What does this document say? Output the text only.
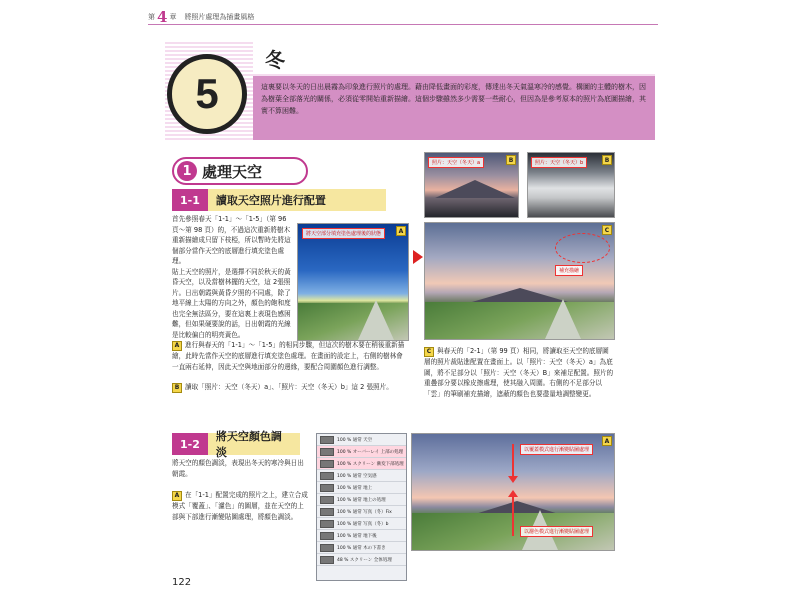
第 4 章 將照片處理為插畫風格
冬
這裏要以冬天的日出晨霧為印象進行照片的處理。藉由降低畫面的彩度，傳達出冬天氣溫寒冷的感覺。構圖的主體的樹木，因為樹葉全部落光的關係，必須從零開始重新描繪。這個步驟雖然多少需要一些耐心，但因為是參考原本的照片為底圖描繪，其實不算困難。
5
1 處理天空
1-1	讀取天空照片進行配置
首先參照春天「1-1」～「1-5」（第 96 頁～第 98 頁）的，不過這次重新將樹木重新描繪成只留下枝椏，所以暫時先將這個部分當作天空的底層進行填充塗色處理。
貼上天空的照片，是選擇不同於秋天的黃昏天空，以及當樹林擺的天空，這 2張照片。日出朝霞與黃昏夕照的不同處，除了地平線上太陽的方向之外，顏色的飽和度也完全無法區分，要在這裏上表現色感困難，但如果硬要說的話，日出朝霞的光線是比較偏白的明亮黃色。
將天空部分填充塗色處理後的狀態	A
照片：天空（冬天）a	B	照片：天空（冬天）b	B
補充描繪
C
A 進行與春天的「1-1」～「1-5」的相同步驟，但這次的樹木要在稍後重新描繪，此時先當作天空的底層進行填充塗色處理。在畫面的設定上，右側的樹林會一直兩右延伸，因此天空與地面部分的邊緣，要配合周圍顏色進行調整。
B 讀取「照片：天空（冬天）a」、「照片：天空（冬天）b」這 2 張照片。
C 與春天的「2-1」（第 99 頁）相同，將讀取至天空的底層圖層的照片裁貼進配置在畫面上。以「照片：天空（冬天）a」為底圖，將不足部分以「照片：天空（冬天）B」來補足配置。照片的重疊部分要以橡皮擦處理，使其融入周圍。右側的不足部分以「雲」的筆刷補充描繪，遮蔽的顏色也要盡量地調整變更。
1-2
將天空顏色調淡
將天空的顏色調淡，表現出冬天的寒冷與日出朝霞。
A 在「1-1」配置完成的照片之上，建立合成模式「覆蓋」、「濾色」的圖層，並在天空的上部與下部進行漸變貼圖處理，將顏色調淡。
100 % 通常 天空
100 % オーバーレイ 上部の処理
100 % スクリーン 漸変下部処理
100 % 通常 空気感
100 % 通常 地上
100 % 通常 地上の処理
100 % 通常 写真（冬）Fix
100 % 通常 写真（冬）b
100 % 通常 地下後
100 % 通常 木の下書き
48 % スクリーン 全体処理
以覆蓋模式進行漸變貼圖處理
以濾色模式進行漸變貼圖處理
A
122
